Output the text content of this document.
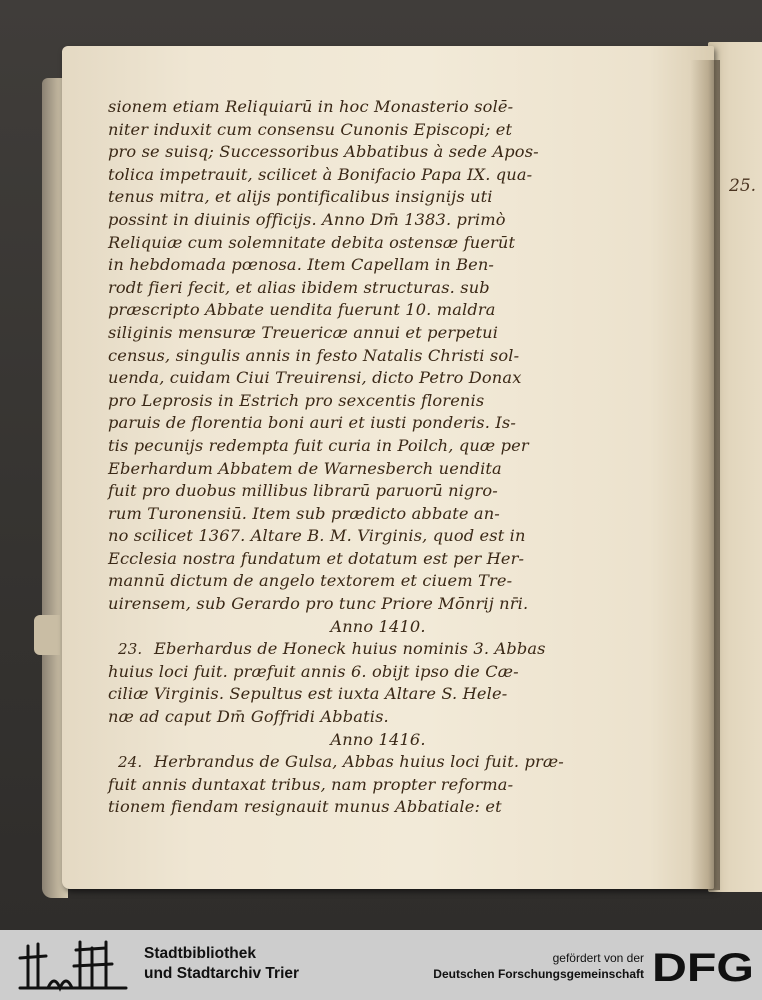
25.
sionem etiam Reliquiarū in hoc Monasterio solē-
niter induxit cum consensu Cunonis Episcopi; et
pro se suisq; Successoribus Abbatibus à sede Apos-
tolica impetrauit, scilicet à Bonifacio Papa IX. qua-
tenus mitra, et alijs pontificalibus insignijs uti
possint in diuinis officijs. Anno Dm̄ 1383. primò
Reliquiæ cum solemnitate debita ostensæ fuerūt
in hebdomada pœnosa. Item Capellam in Ben-
rodt fieri fecit, et alias ibidem structuras. sub
præscripto Abbate uendita fuerunt 10. maldra
siliginis mensuræ Treuericæ annui et perpetui
census, singulis annis in festo Natalis Christi sol-
uenda, cuidam Ciui Treuirensi, dicto Petro Donax
pro Leprosis in Estrich pro sexcentis florenis
paruis de florentia boni auri et iusti ponderis. Is-
tis pecunijs redempta fuit curia in Poilch, quæ per
Eberhardum Abbatem de Warnesberch uendita
fuit pro duobus millibus librarū paruorū nigro-
rum Turonensiū. Item sub prædicto abbate an-
no scilicet 1367. Altare B. M. Virginis, quod est in
Ecclesia nostra fundatum et dotatum est per Her-
mannū dictum de angelo textorem et ciuem Tre-
uirensem, sub Gerardo pro tunc Priore Mōnrij nr̄i.
Anno 1410.
23. Eberhardus de Honeck huius nominis 3. Abbas
huius loci fuit. præfuit annis 6. obijt ipso die Cæ-
ciliæ Virginis. Sepultus est iuxta Altare S. Hele-
næ ad caput Dm̄ Goffridi Abbatis.
Anno 1416.
24. Herbrandus de Gulsa, Abbas huius loci fuit. præ-
fuit annis duntaxat tribus, nam propter reforma-
tionem fiendam resignauit munus Abbatiale: et
Stadtbibliothek
und Stadtarchiv Trier
gefördert von der
Deutschen Forschungsgemeinschaft DFG
